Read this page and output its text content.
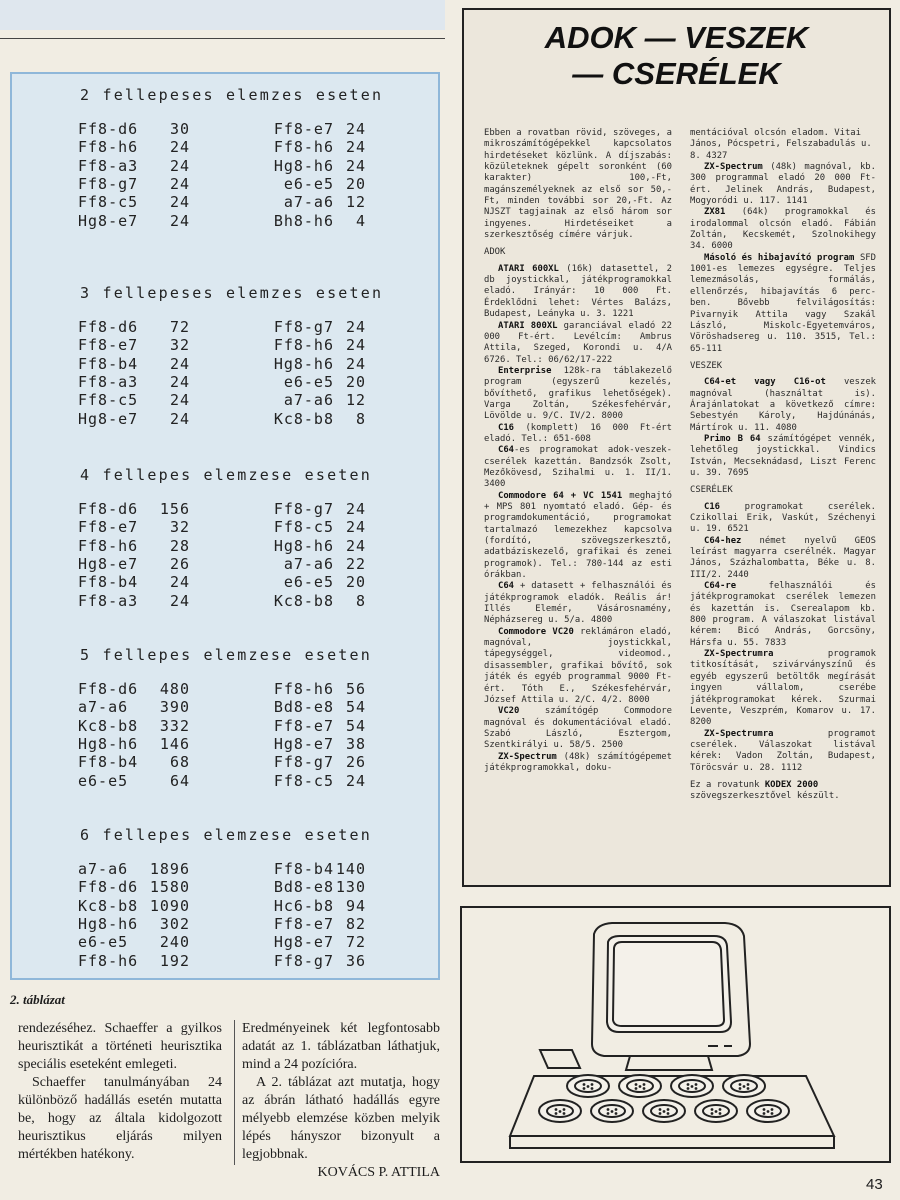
2 fellepeses elemzes eseten
Ff8-d6	30	Ff8-e7 24
Ff8-h6	24	Ff8-h6 24
Ff8-a3	24	Hg8-h6 24
Ff8-g7	24	e6-e5 20
Ff8-c5	24	a7-a6 12
Hg8-e7	24	Bh8-h6	4
3 fellepeses elemzes eseten
Ff8-d6	72	Ff8-g7 24
Ff8-e7	32	Ff8-h6 24
Ff8-b4	24	Hg8-h6 24
Ff8-a3	24	e6-e5 20
Ff8-c5	24	a7-a6 12
Hg8-e7	24	Kc8-b8	8
4 fellepes elemzese eseten
Ff8-d6	156	Ff8-g7 24
Ff8-e7	32	Ff8-c5 24
Ff8-h6	28	Hg8-h6 24
Hg8-e7	26	a7-a6 22
Ff8-b4	24	e6-e5 20
Ff8-a3	24	Kc8-b8	8
5 fellepes elemzese eseten
Ff8-d6	480	Ff8-h6 56
a7-a6	390	Bd8-e8 54
Kc8-b8	332	Ff8-e7 54
Hg8-h6	146	Hg8-e7 38
Ff8-b4	68	Ff8-g7 26
e6-e5	64	Ff8-c5 24
6 fellepes elemzese eseten
a7-a6	1896	Ff8-b4 140
Ff8-d6 1580	Bd8-e8 130
Kc8-b8 1090	Hc6-b8 94
Hg8-h6	302	Ff8-e7 82
e6-e5	240	Hg8-e7 72
Ff8-h6	192	Ff8-g7 36
2. táblázat

rendezéséhez. Schaeffer a gyilkos heurisztikát a történeti heurisztika speciális eseteként emlegeti.

Schaeffer tanulmányában 24 különböző hadállás esetén mutatta be, hogy az általa kidolgozott heurisztikus eljárás milyen mértékben hatékony.

Eredményeinek két legfontosabb adatát az 1. táblázatban láthatjuk, mind a 24 pozícióra.

A 2. táblázat azt mutatja, hogy az ábrán látható hadállás egyre mélyebb elemzése közben melyik lépés hányszor bizonyult a legjobbnak.

KOVÁCS P. ATTILA

ADOK — VESZEK
— CSERÉLEK

Ebben a rovatban rövid, szöveges, a mikroszámítógépekkel kapcsolatos hirdetéseket közlünk. A díjszabás: közületeknek gépelt soronként (60 karakter) 100,-Ft, magánszemélyeknek az első sor 50,-Ft, minden további sor 20,-Ft. Az NJSZT tagjainak az első három sor ingyenes. Hirdetéseiket a szerkesztőség címére várjuk.

ADOK

ATARI 600XL (16k) datasettel, 2 db joystickkal, játékprogramokkal eladó. Irányár: 10 000 Ft. Érdeklődni lehet: Vértes Balázs, Budapest, Leányka u. 3. 1221

ATARI 800XL garanciával eladó 22 000 Ft-ért. Levélcím: Ambrus Attila, Szeged, Korondi u. 4/A 6726. Tel.: 06/62/17-222

Enterprise 128k-ra táblakezelő program (egyszerű kezelés, bővíthető, grafikus lehetőségek). Varga Zoltán, Székesfehérvár, Lövölde u. 9/C. IV/2. 8000

C16 (komplett) 16 000 Ft-ért eladó. Tel.: 651-608

C64-es programokat adok-veszek-cserélek kazettán. Bandzsók Zsolt, Mezőkövesd, Szihalmi u. 1. II/1. 3400

Commodore 64 + VC 1541 meghajtó + MPS 801 nyomtató eladó. Gép- és programdokumentáció, programokat tartalmazó lemezekhez kapcsolva (fordító, szövegszerkesztő, adatbáziskezelő, grafikai és zenei programok). Tel.: 780-144 az esti órákban.

C64 + datasett + felhasználói és játékprogramok eladók. Reális ár! Illés Elemér, Vásárosnamény, Népházsereg u. 5/a. 4800

Commodore VC20 reklámáron eladó, magnóval, joystickkal, tápegységgel, videomod., disassembler, grafikai bővítő, sok játék és egyéb programmal 9000 Ft-ért. Tóth E., Székesfehérvár, József Attila u. 2/C. 4/2. 8000

VC20 számítógép Commodore magnóval és dokumentációval eladó. Szabó László, Esztergom, Szentkirályi u. 58/5. 2500

ZX-Spectrum (48k) számítógépemet játékprogramokkal, doku-

mentációval olcsón eladom. Vitai János, Pócspetri, Felszabadulás u. 8. 4327

ZX-Spectrum (48k) magnóval, kb. 300 programmal eladó 20 000 Ft-ért. Jelinek András, Budapest, Mogyoródi u. 117. 1141

ZX81 (64k) programokkal és irodalommal olcsón eladó. Fábián Zoltán, Kecskemét, Szolnokihegy 34. 6000

Másoló és hibajavító program SFD 1001-es lemezes egységre. Teljes lemezmásolás, formálás, ellenőrzés, hibajavítás 6 perc-ben. Bővebb felvilágosítás: Pivarnyik Attila vagy Szakál László, Miskolc-Egyetemváros, Vöröshadsereg u. 110. 3515, Tel.: 65-111

VESZEK

C64-et vagy C16-ot veszek magnóval (használtat is). Árajánlatokat a következő címre: Sebestyén Károly, Hajdúnánás, Mártírok u. 11. 4080

Primo B 64 számítógépet vennék, lehetőleg joystickkal. Vindics István, Mecseknádasd, Liszt Ferenc u. 39. 7695

CSERÉLEK

C16 programokat cserélek. Czikollai Erik, Vaskút, Széchenyi u. 19. 6521

C64-hez német nyelvű GEOS leírást magyarra cserélnék. Magyar János, Százhalombatta, Béke u. 8. III/2. 2440

C64-re felhasználói és játékprogramokat cserélek lemezen és kazettán is. Cserealapom kb. 800 program. A válaszokat listával kérem: Bicó András, Gorcsöny, Hársfa u. 55. 7833

ZX-Spectrumra programok titkosítását, szivárványszínű és egyéb egyszerű betöltők megírását ingyen vállalom, cserébe játékprogramokat kérek. Szurmai Levente, Veszprém, Komarov u. 17. 8200

ZX-Spectrumra programot cserélek. Válaszokat listával kérek: Vadon Zoltán, Budapest, Töröcsvár u. 28. 1112

Ez a rovatunk KODEX 2000 szövegszerkesztővel készült.

43
